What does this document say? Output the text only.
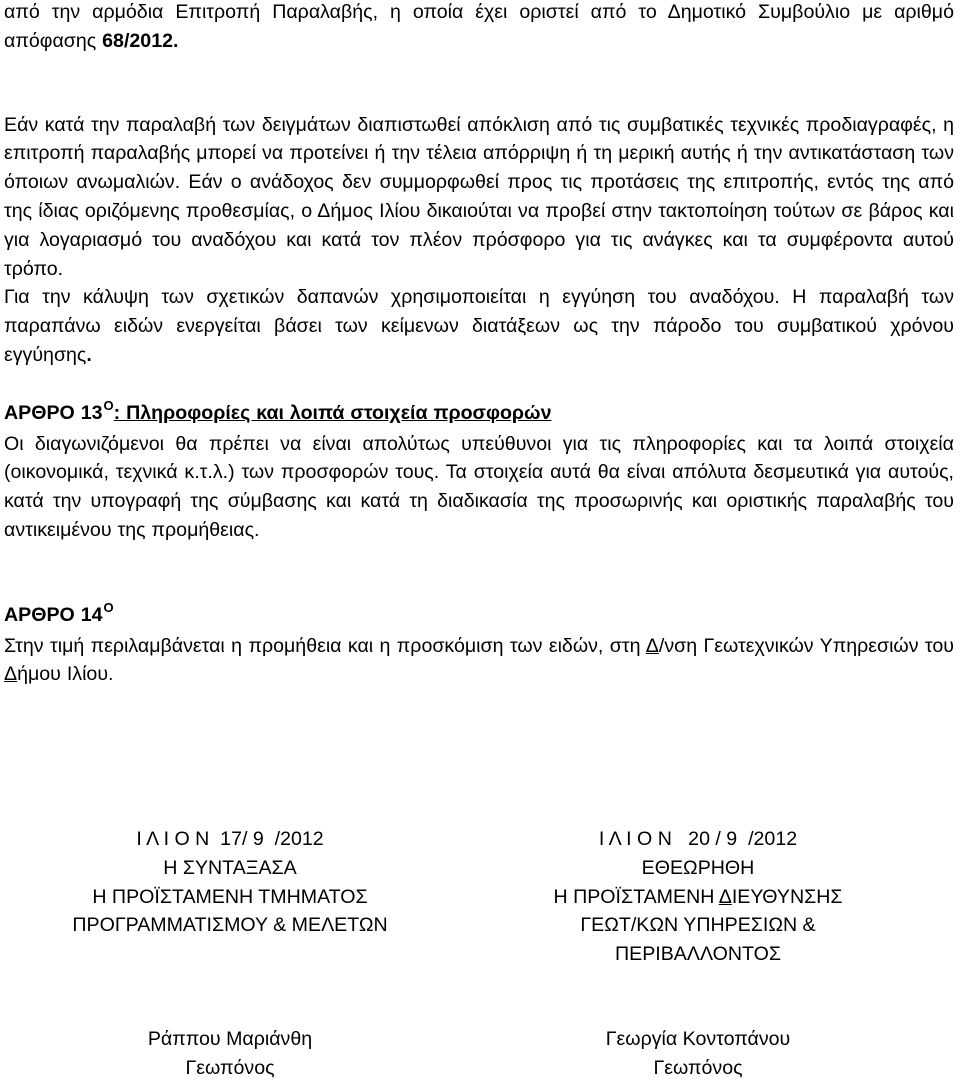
από την αρμόδια Επιτροπή Παραλαβής, η οποία έχει οριστεί από το Δημοτικό Συμβούλιο με αριθμό απόφασης 68/2012.

Εάν κατά την παραλαβή των δειγμάτων διαπιστωθεί απόκλιση από τις συμβατικές τεχνικές προδιαγραφές, η επιτροπή παραλαβής μπορεί να προτείνει ή την τέλεια απόρριψη ή τη μερική αυτής ή την αντικατάσταση των όποιων ανωμαλιών. Εάν ο ανάδοχος δεν συμμορφωθεί προς τις προτάσεις της επιτροπής, εντός της από της ίδιας οριζόμενης προθεσμίας, ο Δήμος Ιλίου δικαιούται να προβεί στην τακτοποίηση τούτων σε βάρος και για λογαριασμό του αναδόχου και κατά τον πλέον πρόσφορο για τις ανάγκες και τα συμφέροντα αυτού τρόπο.

Για την κάλυψη των σχετικών δαπανών χρησιμοποιείται η εγγύηση του αναδόχου. Η παραλαβή των παραπάνω ειδών ενεργείται βάσει των κείμενων διατάξεων ως την πάροδο του συμβατικού χρόνου εγγύησης.

ΑΡΘΡΟ $13^O$: Πληροφορίες και λοιπά στοιχεία προσφορών

Οι διαγωνιζόμενοι θα πρέπει να είναι απολύτως υπεύθυνοι για τις πληροφορίες και τα λοιπά στοιχεία (οικονομικά, τεχνικά κ.τ.λ.) των προσφορών τους. Τα στοιχεία αυτά θα είναι απόλυτα δεσμευτικά για αυτούς, κατά την υπογραφή της σύμβασης και κατά τη διαδικασία της προσωρινής και οριστικής παραλαβής του αντικειμένου της προμήθειας.

ΑΡΘΡΟ $14^O$

Στην τιμή περιλαμβάνεται η προμήθεια και η προσκόμιση των ειδών, στη Δ/νση Γεωτεχνικών Υπηρεσιών του Δήμου Ιλίου.

Ι Λ Ι Ο Ν  17/ 9  /2012
Η ΣΥΝΤΑΞΑΣΑ
Η ΠΡΟΪΣΤΑΜΕΝΗ ΤΜΗΜΑΤΟΣ
ΠΡΟΓΡΑΜΜΑΤΙΣΜΟΥ & ΜΕΛΕΤΩΝ
Ι Λ Ι Ο Ν   20 / 9  /2012
ΕΘΕΩΡΗΘΗ
Η ΠΡΟΪΣΤΑΜΕΝΗ ΔΙΕΥΘΥΝΣΗΣ
ΓΕΩΤ/ΚΩΝ ΥΠΗΡΕΣΙΩΝ &
ΠΕΡΙΒΑΛΛΟΝΤΟΣ
Ράππου Μαριάνθη
Γεωπόνος
Γεωργία Κοντοπάνου
Γεωπόνος
